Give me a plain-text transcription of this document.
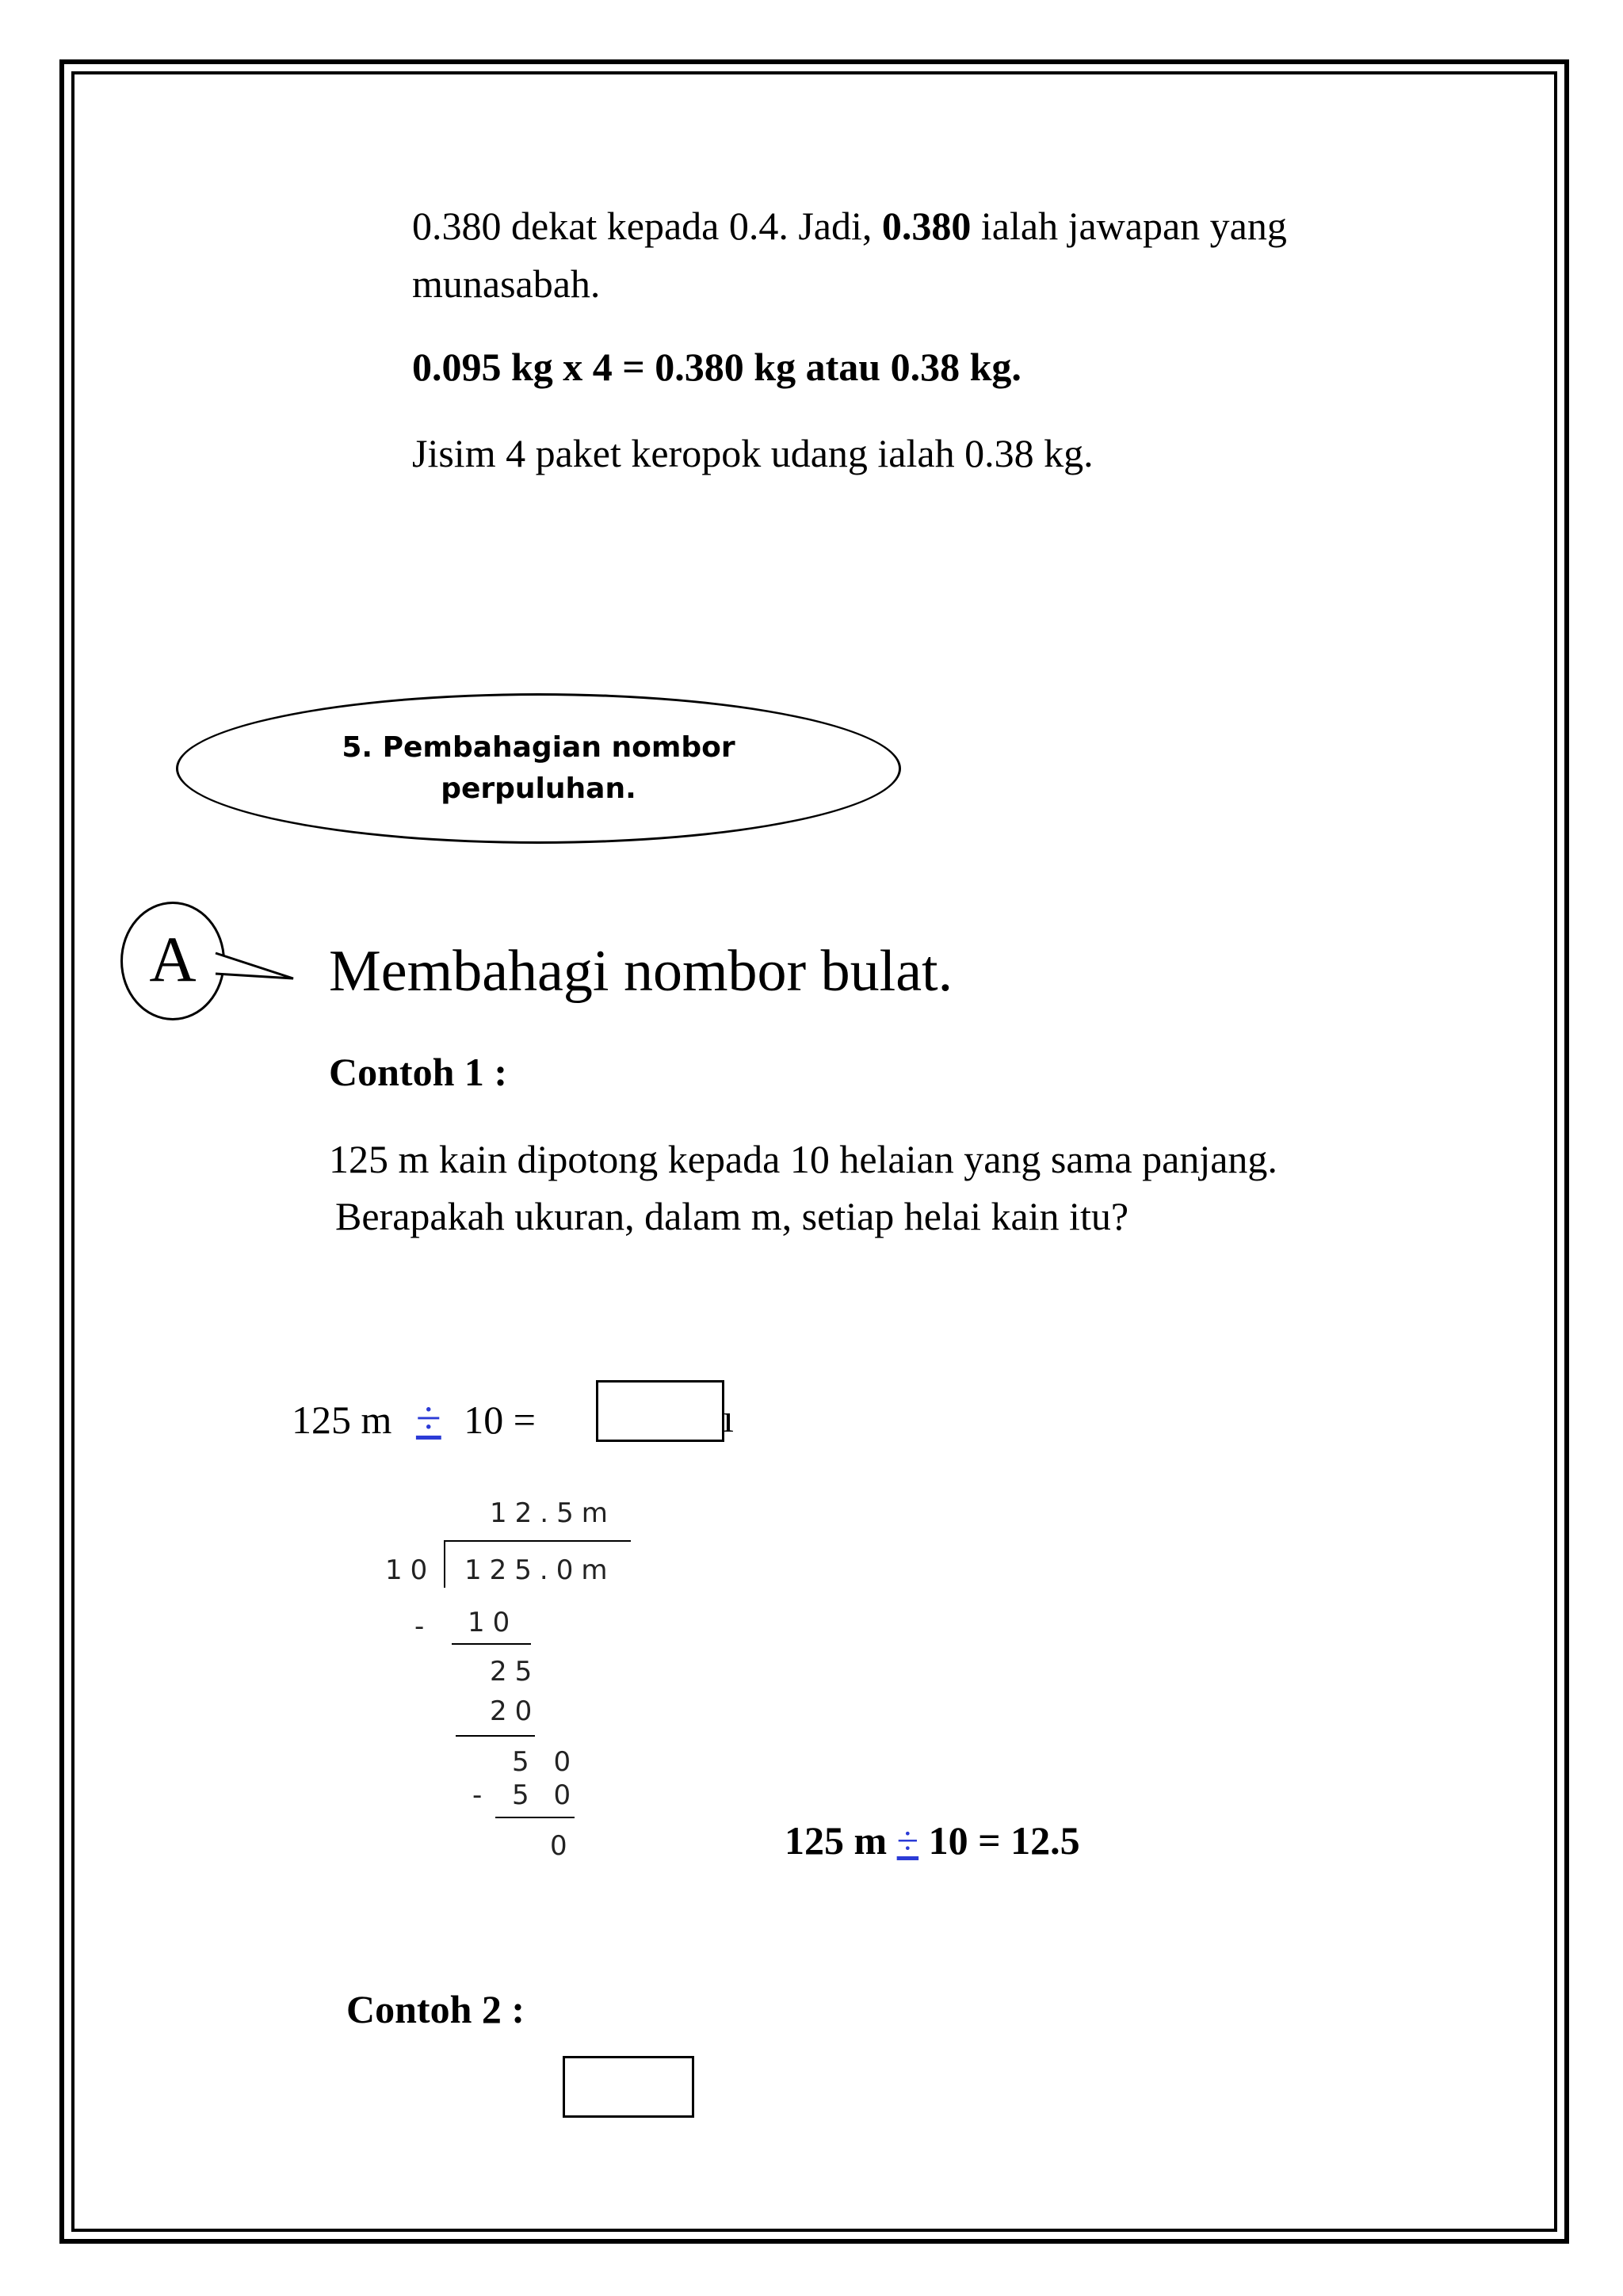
0.380 dekat kepada 0.4. Jadi, 0.380 ialah jawapan yang
munasabah.
0.095 kg x 4 = 0.380 kg atau 0.38 kg.
Jisim 4 paket keropok udang ialah 0.38 kg.
5. Pembahagian nombor
perpuluhan.
A	Membahagi nombor bulat.
Contoh 1 :
125 m kain dipotong kepada 10 helaian yang sama panjang.
Berapakah ukuran, dalam m, setiap helai kain itu?
125 m ÷ 10 =	ı
12.5m
10 125.0m
- 10
25
20
5 0
- 5 0
0	125 m ÷ 10 = 12.5
Contoh 2 :
